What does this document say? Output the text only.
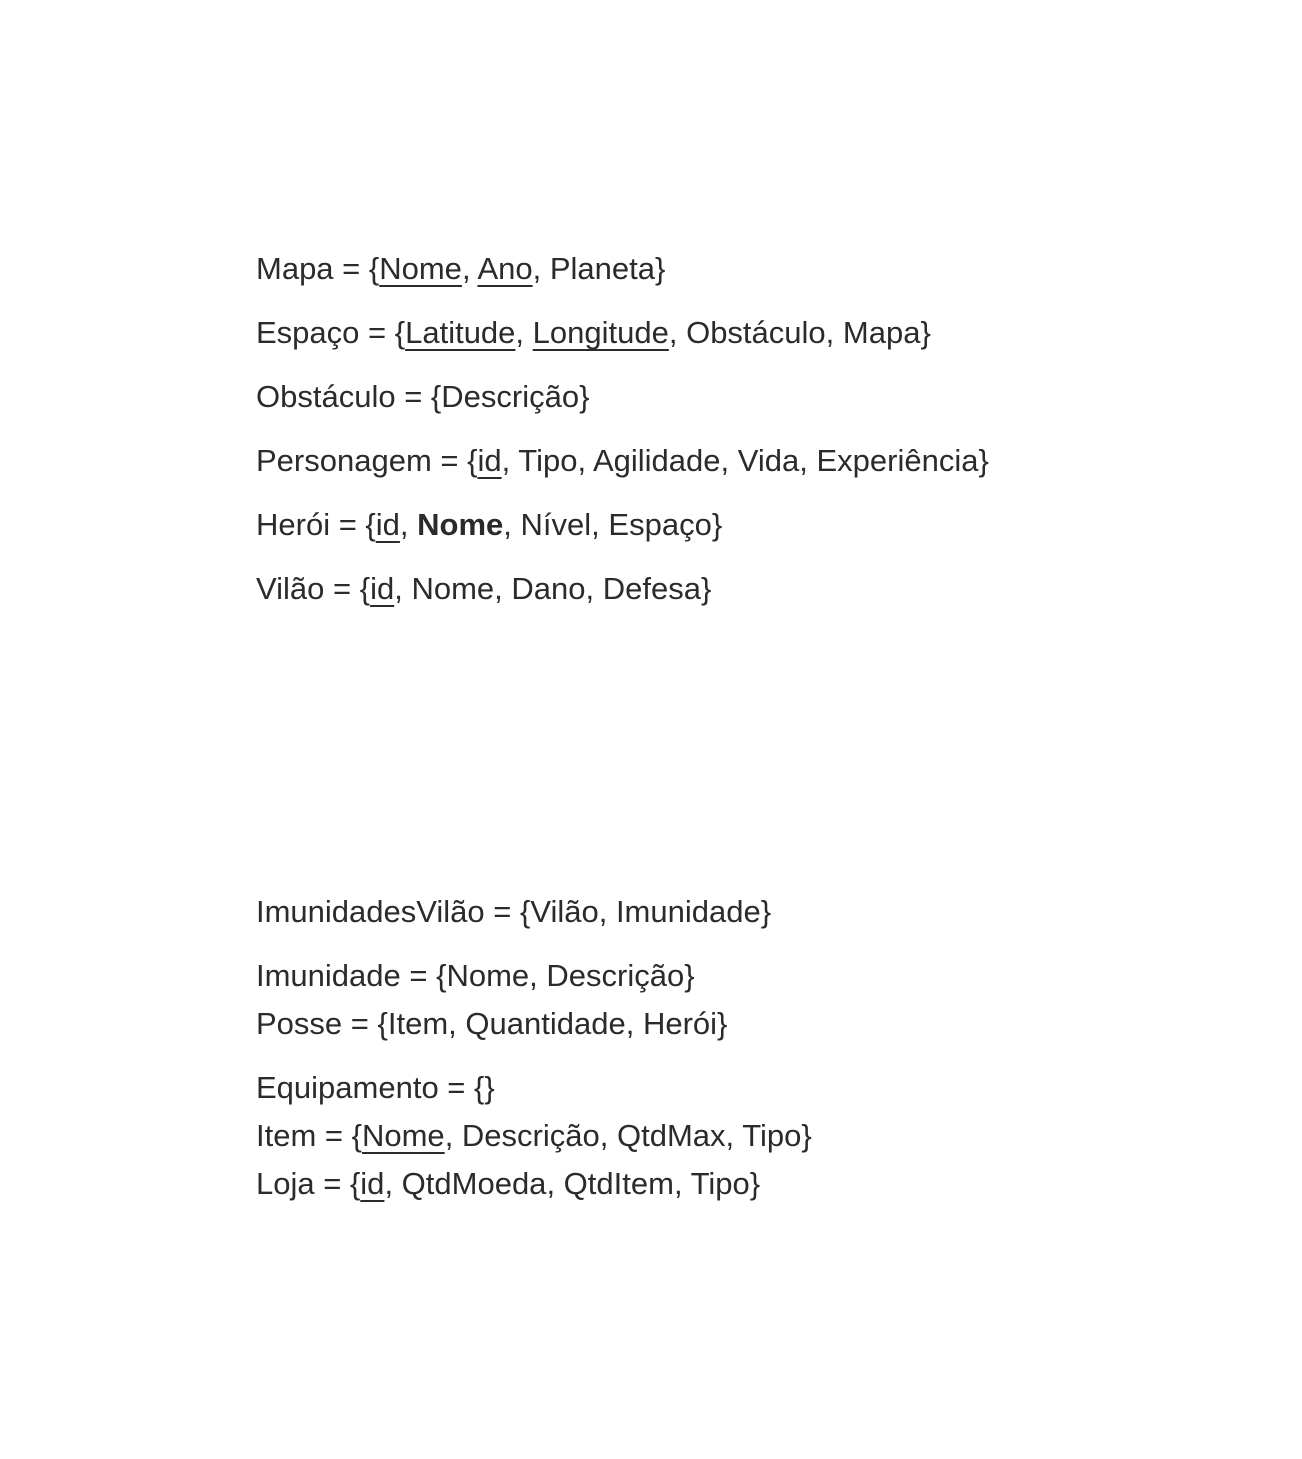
Mapa = {Nome, Ano, Planeta}
Espaço = {Latitude, Longitude, Obstáculo, Mapa}
Obstáculo = {Descrição}
Personagem = {id, Tipo, Agilidade, Vida, Experiência}
Herói = {id, Nome, Nível, Espaço}
Vilão = {id, Nome, Dano, Defesa}
ImunidadesVilão = {Vilão, Imunidade}
Imunidade = {Nome, Descrição}
Posse = {Item, Quantidade, Herói}
Equipamento = {}
Item = {Nome, Descrição, QtdMax, Tipo}
Loja = {id, QtdMoeda, QtdItem, Tipo}
